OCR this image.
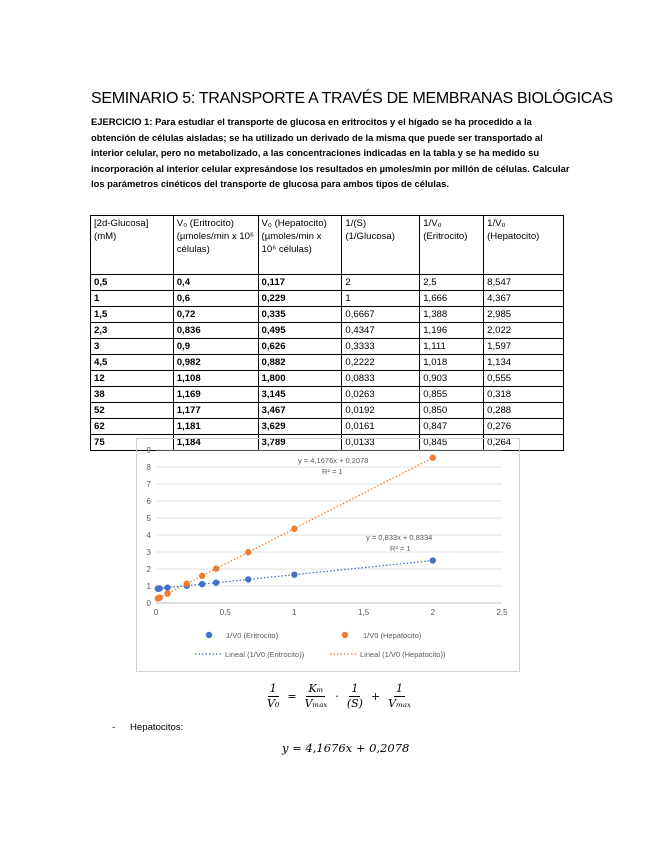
SEMINARIO 5: TRANSPORTE A TRAVÉS DE MEMBRANAS BIOLÓGICAS
EJERCICIO 1: Para estudiar el transporte de glucosa en eritrocitos y el hígado se ha procedido a la obtención de células aisladas; se ha utilizado un derivado de la misma que puede ser transportado al interior celular, pero no metabolizado, a las concentraciones indicadas en la tabla y se ha medido su incorporación al interior celular expresándose los resultados en µmoles/min por millón de células. Calcular los parámetros cinéticos del transporte de glucosa para ambos tipos de células.
[2d-Glucosa] (mM)	V₀ (Eritrocito) (µmoles/min x 10⁶ células)	V₀ (Hepatocito) (µmoles/min x 10⁶ células)	1/(S) (1/Glucosa)	1/V₀ (Eritrocito)	1/V₀ (Hepatocito)
0,5	0,4	0,117	2	2,5	8,547
1	0,6	0,229	1	1,666	4,367
1,5	0,72	0,335	0,6667	1,388	2,985
2,3	0,836	0,495	0,4347	1,196	2,022
3	0,9	0,626	0,3333	1,111	1,597
4,5	0,982	0,882	0,2222	1,018	1,134
12	1,108	1,800	0,0833	0,903	0,555
38	1,169	3,145	0,0263	0,855	0,318
52	1,177	3,467	0,0192	0,850	0,288
62	1,181	3,629	0,0161	0,847	0,276
75	1,184	3,789	0,0133	0,845	0,264
0
1
2
3
4
5
6
7
8
9
0	0,5	1	1,5	2	2,5
y = 0,833x + 0,8334
R² = 1
y = 4,1676x + 0,2078
R² = 1
1/V0 (Eritrocito)	1/V0 (Hepatocito)
Lineal (1/V0 (Eritrocito))	Lineal (1/V0 (Hepatocito))
$\frac{1}{\text{V₀}} = \frac{\text{Kₘ}}{\text{Vₘₐₓ}} \cdot \frac{1}{(S)} + \frac{1}{\text{Vₘₐₓ}}$
- Hepatocitos:
y = 4,1676x + 0,2078
